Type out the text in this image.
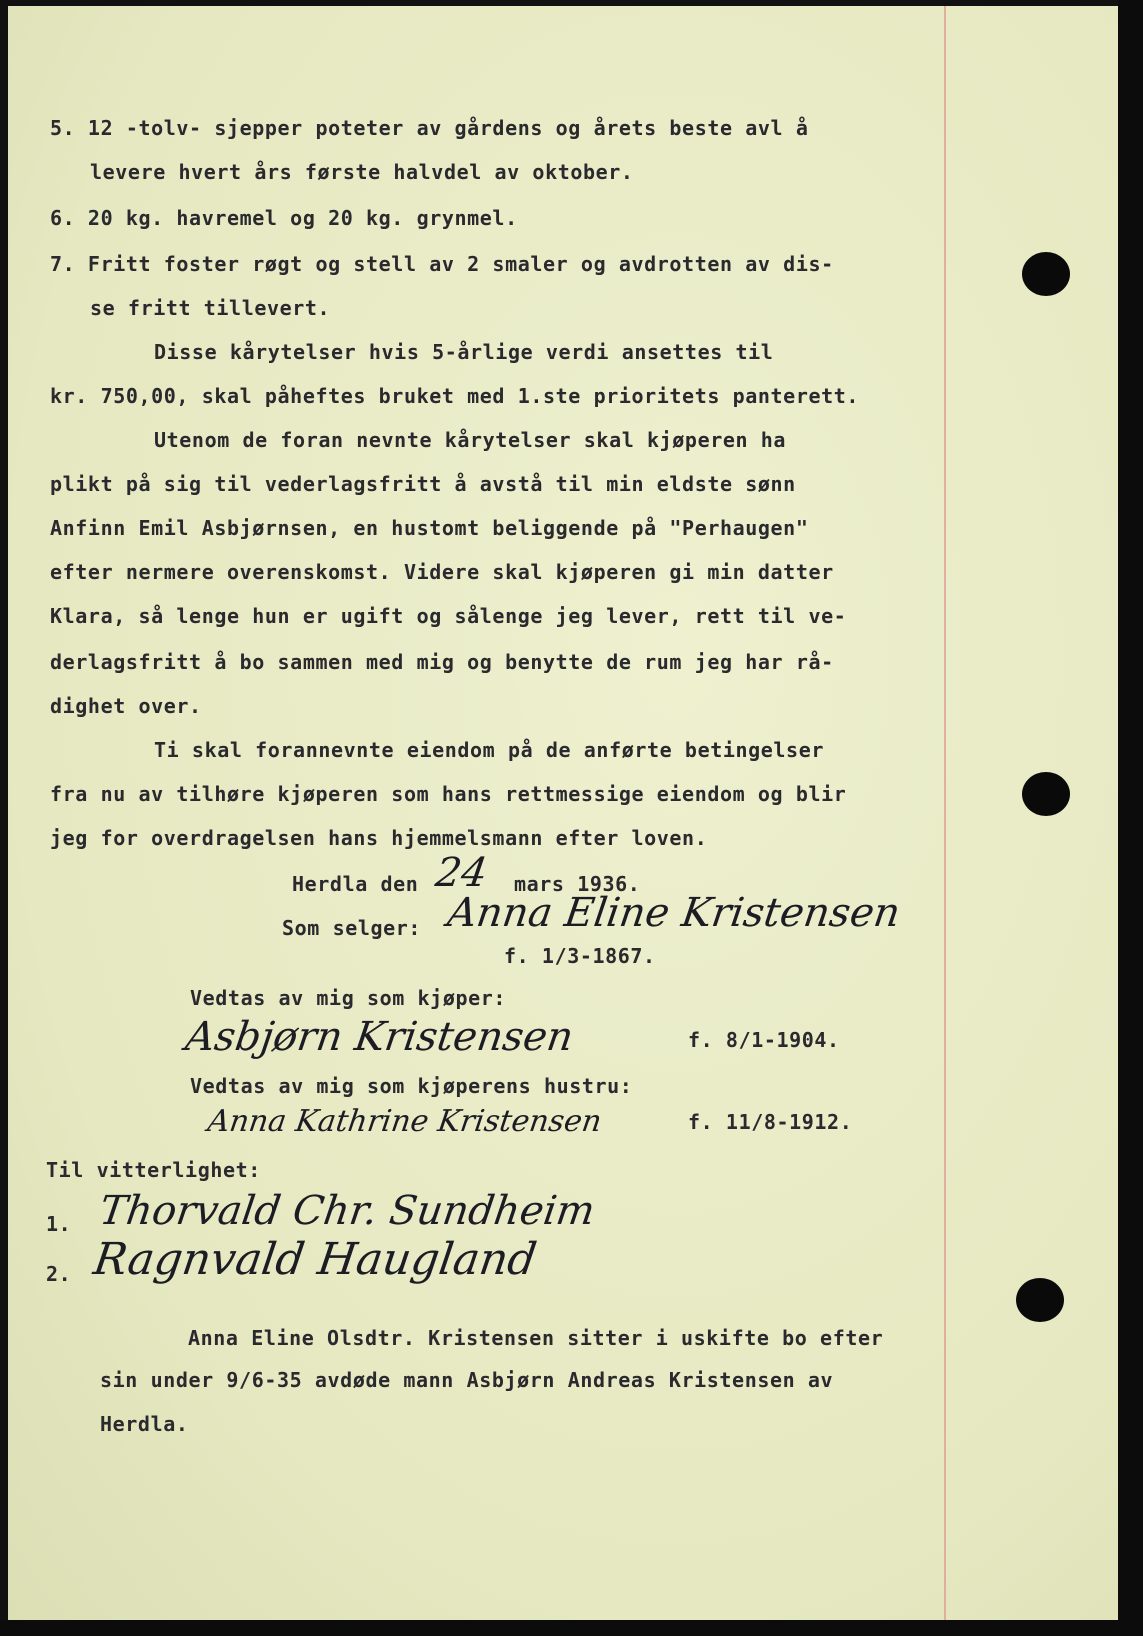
5. 12 -tolv- sjepper poteter av gårdens og årets beste avl å
levere hvert års første halvdel av oktober.
6. 20 kg. havremel og 20 kg. grynmel.
7. Fritt foster røgt og stell av 2 smaler og avdrotten av dis-
se fritt tillevert.
Disse kårytelser hvis 5-årlige verdi ansettes til
kr. 750,00, skal påheftes bruket med 1.ste prioritets panterett.
Utenom de foran nevnte kårytelser skal kjøperen ha
plikt på sig til vederlagsfritt å avstå til min eldste sønn
Anfinn Emil Asbjørnsen, en hustomt beliggende på "Perhaugen"
efter nermere overenskomst. Videre skal kjøperen gi min datter
Klara, så lenge hun er ugift og sålenge jeg lever, rett til ve-
derlagsfritt å bo sammen med mig og benytte de rum jeg har rå-
dighet over.
Ti skal forannevnte eiendom på de anførte betingelser
fra nu av tilhøre kjøperen som hans rettmessige eiendom og blir
jeg for overdragelsen hans hjemmelsmann efter loven.
Herdla den 24 mars 1936.
Som selger: Anna Eline Kristensen
f. 1/3-1867.
Vedtas av mig som kjøper:
Asbjørn Kristensen	f. 8/1-1904.
Vedtas av mig som kjøperens hustru:
Anna Kathrine Kristensen	f. 11/8-1912.
Til vitterlighet:
1. Thorvald Chr. Sundheim
2. Ragnvald Haugland
Anna Eline Olsdtr. Kristensen sitter i uskifte bo efter
sin under 9/6-35 avdøde mann Asbjørn Andreas Kristensen av
Herdla.
